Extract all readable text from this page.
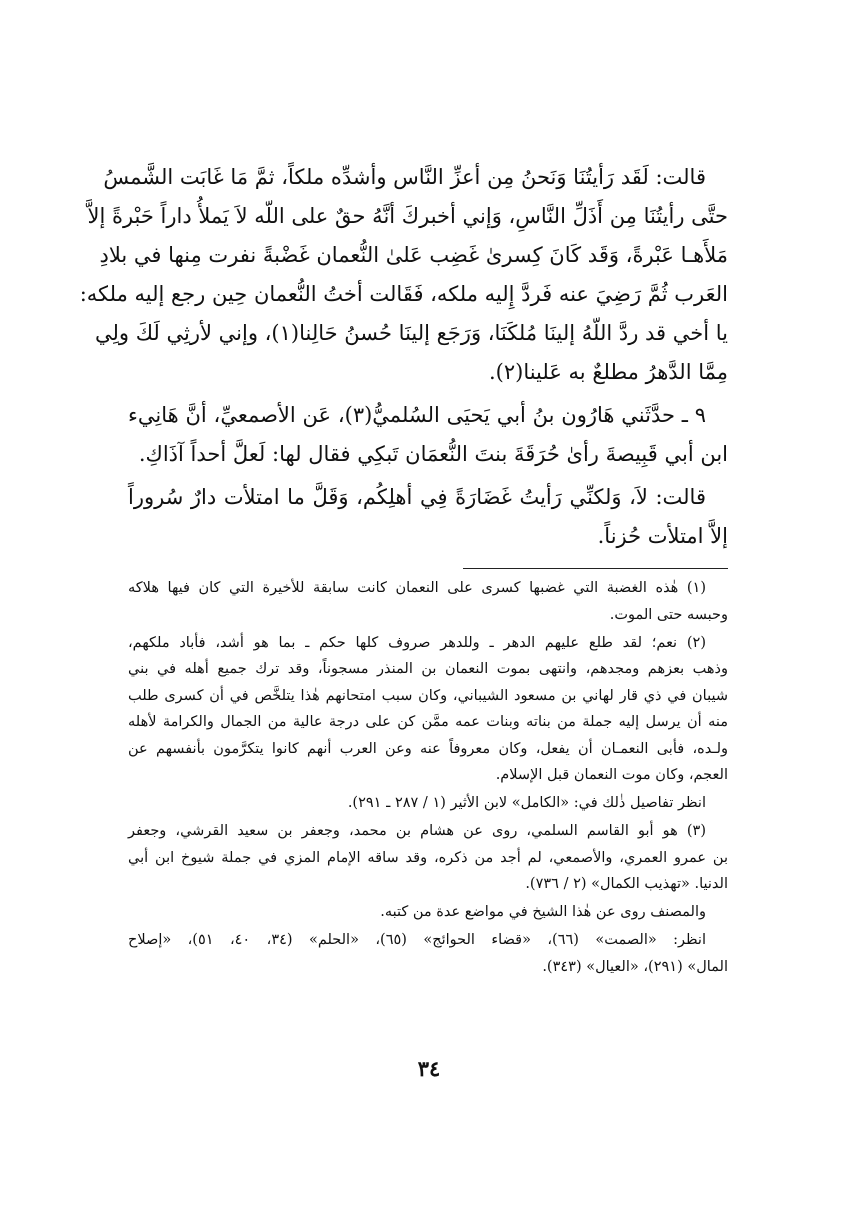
قالت: لَقَد رَأيتُنَا وَنَحنُ مِن أعزِّ النَّاس وأشدِّه ملكاً، ثمَّ مَا غَابَت الشَّمسُ
حتَّى رأيتُنَا مِن أَذَلِّ النَّاسِ، وَإني أخبركَ أنَّهُ حقٌ على اللّه لاَ يَملأُ داراً حَبْرةً إلاَّ
مَلأَهـا عَبْرةً، وَقَد كَانَ كِسرىٰ غَضِب عَلىٰ النُّعمان غَضْبةً نفرت مِنها في بلادِ
العَرب ثُمَّ رَضِيَ عنه فَردَّ إِليه ملكه، فَقَالت أختُ النُّعمان حِين رجع إليه ملكه:
يا أخي قد ردَّ اللّهُ إلينَا مُلكَنَا، وَرَجَع إلينَا حُسنُ حَالِنا(١)، وإني لأرثِي لَكَ ولِي
مِمَّا الدَّهرُ مطلعٌ به عَلينا(٢).
٩ ـ حدَّثَني هَارُون بنُ أبي يَحيَى السُلميُّ(٣)، عَن الأصمعيِّ، أنَّ هَانِيء
ابن أبي قَبِيصةَ رأىٰ حُرَقَةَ بنتَ النُّعمَان تَبكِي فقال لها: لَعلَّ أحداً آذَاكِ.
قالت: لاَ، وَلكنِّي رَأيتُ غَضَارَةً فِي أهلِكُم، وَقَلَّ ما امتلأت دارٌ سُروراً
إلاَّ امتلأت حُزناً.
(١) هٰذه الغضبة التي غضبها كسرى على النعمان كانت سابقة للأخيرة التي كان فيها هلاكه
وحبسه حتى الموت.
(٢) نعم؛ لقد طلع عليهم الدهر ـ وللدهر صروف كلها حكم ـ بما هو أشد، فأباد ملكهم،
وذهب بعزهم ومجدهم، وانتهى بموت النعمان بن المنذر مسجوناً، وقد ترك جميع أهله في بني
شيبان في ذي قار لهاني بن مسعود الشيباني، وكان سبب امتحانهم هٰذا يتلخَّص في أن كسرى طلب
منه أن يرسل إليه جملة من بناته وبنات عمه ممَّن كن على درجة عالية من الجمال والكرامة لأهله
ولـده، فأبى النعمـان أن يفعل، وكان معروفاً عنه وعن العرب أنهم كانوا يتكرَّمون بأنفسهم عن
العجم، وكان موت النعمان قبل الإسلام.
انظر تفاصيل ذٰلك في: «الكامل» لابن الأثير (١ / ٢٨٧ ـ ٢٩١).
(٣) هو أبو القاسم السلمي، روى عن هشام بن محمد، وجعفر بن سعيد القرشي، وجعفر
بن عمرو العمري، والأصمعي، لم أجد من ذكره، وقد ساقه الإمام المزي في جملة شيوخ ابن أبي
الدنيا. «تهذيب الكمال» (٢ / ٧٣٦).
والمصنف روى عن هٰذا الشيخ في مواضع عدة من كتبه.
انظر: «الصمت» (٦٦)، «قضاء الحوائج» (٦٥)، «الحلم» (٣٤، ٤٠، ٥١)، «إصلاح
المال» (٢٩١)، «العيال» (٣٤٣).
٣٤
